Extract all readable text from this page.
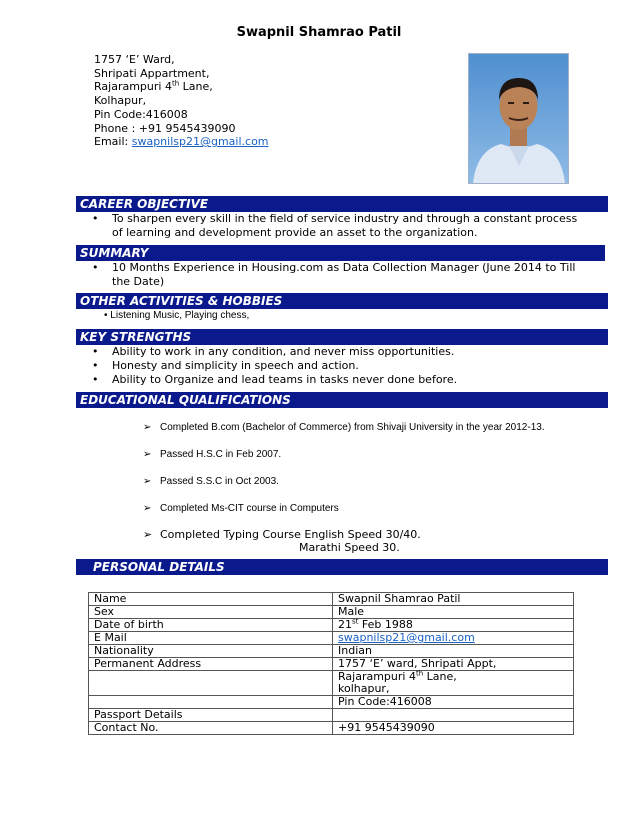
Swapnil Shamrao Patil
1757 ‘E’ Ward,
Shripati Appartment,
Rajarampuri 4th Lane,
Kolhapur,
Pin Code:416008
Phone : +91 9545439090
Email: swapnilsp21@gmail.com
CAREER OBJECTIVE
• To sharpen every skill in the field of service industry and through a constant process
of learning and development provide an asset to the organization.
SUMMARY
• 10 Months Experience in Housing.com as Data Collection Manager (June 2014 to Till
the Date)
OTHER ACTIVITIES & HOBBIES
• Listening Music, Playing chess,
KEY STRENGTHS
• Ability to work in any condition, and never miss opportunities.
• Honesty and simplicity in speech and action.
• Ability to Organize and lead teams in tasks never done before.
EDUCATIONAL QUALIFICATIONS
➢ Completed B.com (Bachelor of Commerce) from Shivaji University in the year 2012-13.
➢ Passed H.S.C in Feb 2007.
➢ Passed S.S.C in Oct 2003.
➢ Completed Ms-CIT course in Computers
➢ Completed Typing Course English Speed 30/40.
Marathi Speed 30.
PERSONAL DETAILS
Name	Swapnil Shamrao Patil
Sex	Male
Date of birth	21st Feb 1988
E Mail	swapnilsp21@gmail.com
Nationality	Indian
Permanent Address	1757 ‘E’ ward, Shripati Appt,
	Rajarampuri 4th Lane,
kolhapur,
	Pin Code:416008
Passport Details	
Contact No.	+91 9545439090
